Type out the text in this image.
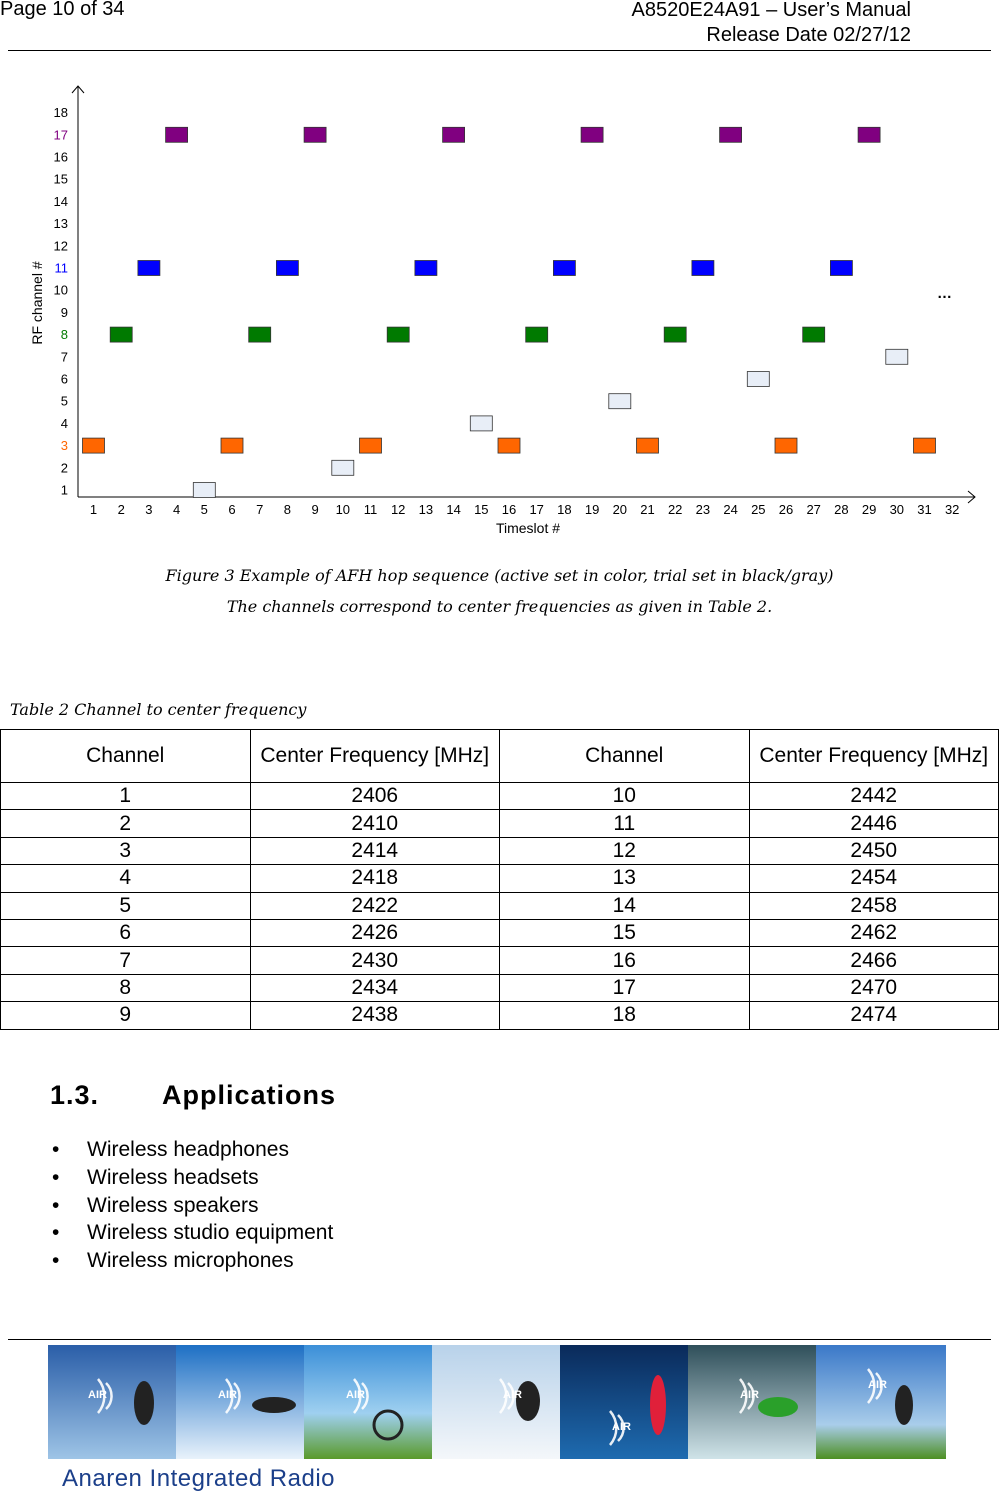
Page 10 of 34	A8520E24A91 – User’s Manual
Release Date 02/27/12
1
2
3
4
5
6
7
8
9
10
11
12
13
14
15
16
17
18
1 2 3 4 5 6 7 8 9 10 11 12 13 14 15 16 17 18 19 20 21 22 23 24 25 26 27 28 29 30 31 32
RF channel #
Timeslot #
…
Figure 3 Example of AFH hop sequence (active set in color, trial set in black/gray)
The channels correspond to center frequencies as given in Table 2.
Table 2 Channel to center frequency
Channel	Center Frequency [MHz]	Channel	Center Frequency [MHz]
1	2406	10	2442
2	2410	11	2446
3	2414	12	2450
4	2418	13	2454
5	2422	14	2458
6	2426	15	2462
7	2430	16	2466
8	2434	17	2470
9	2438	18	2474
1.3. Applications
• Wireless headphones
• Wireless headsets
• Wireless speakers
• Wireless studio equipment
• Wireless microphones
AIR	AIR	AIR	AIR
AIR
AIR
AIR
Anaren Integrated Radio
